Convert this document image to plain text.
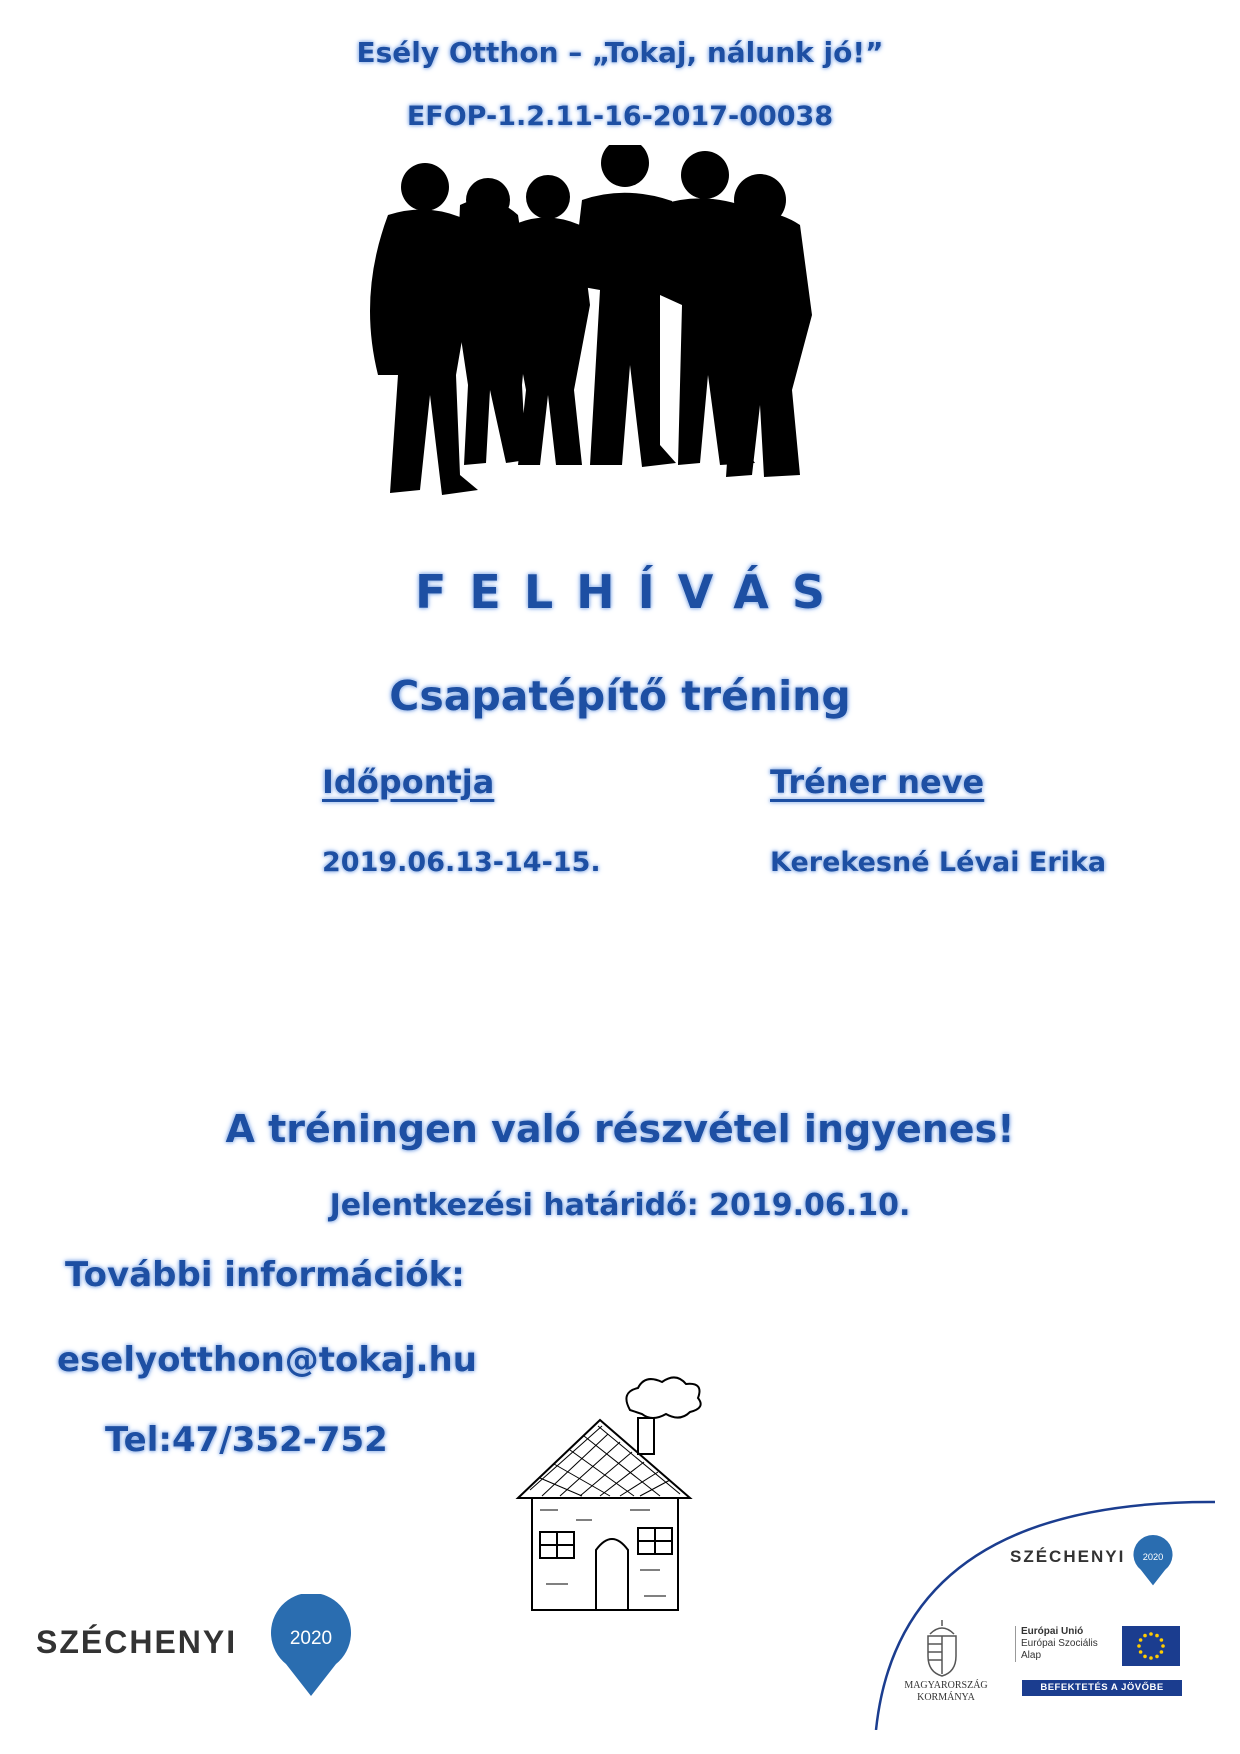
Esély Otthon – „Tokaj, nálunk jó!”
EFOP-1.2.11-16-2017-00038
FELHÍVÁS
Csapatépítő tréning
Időpontja	Tréner neve
2019.06.13-14-15.	Kerekesné Lévai Erika
A tréningen való részvétel ingyenes!
Jelentkezési határidő: 2019.06.10.
További információk:
eselyotthon@tokaj.hu
Tel:47/352-752
SZÉCHENYI	2020
SZÉCHENYI 2020
MAGYARORSZÁG
KORMÁNYA
Európai Unió
Európai Szociális
Alap
BEFEKTETÉS A JÖVŐBE
